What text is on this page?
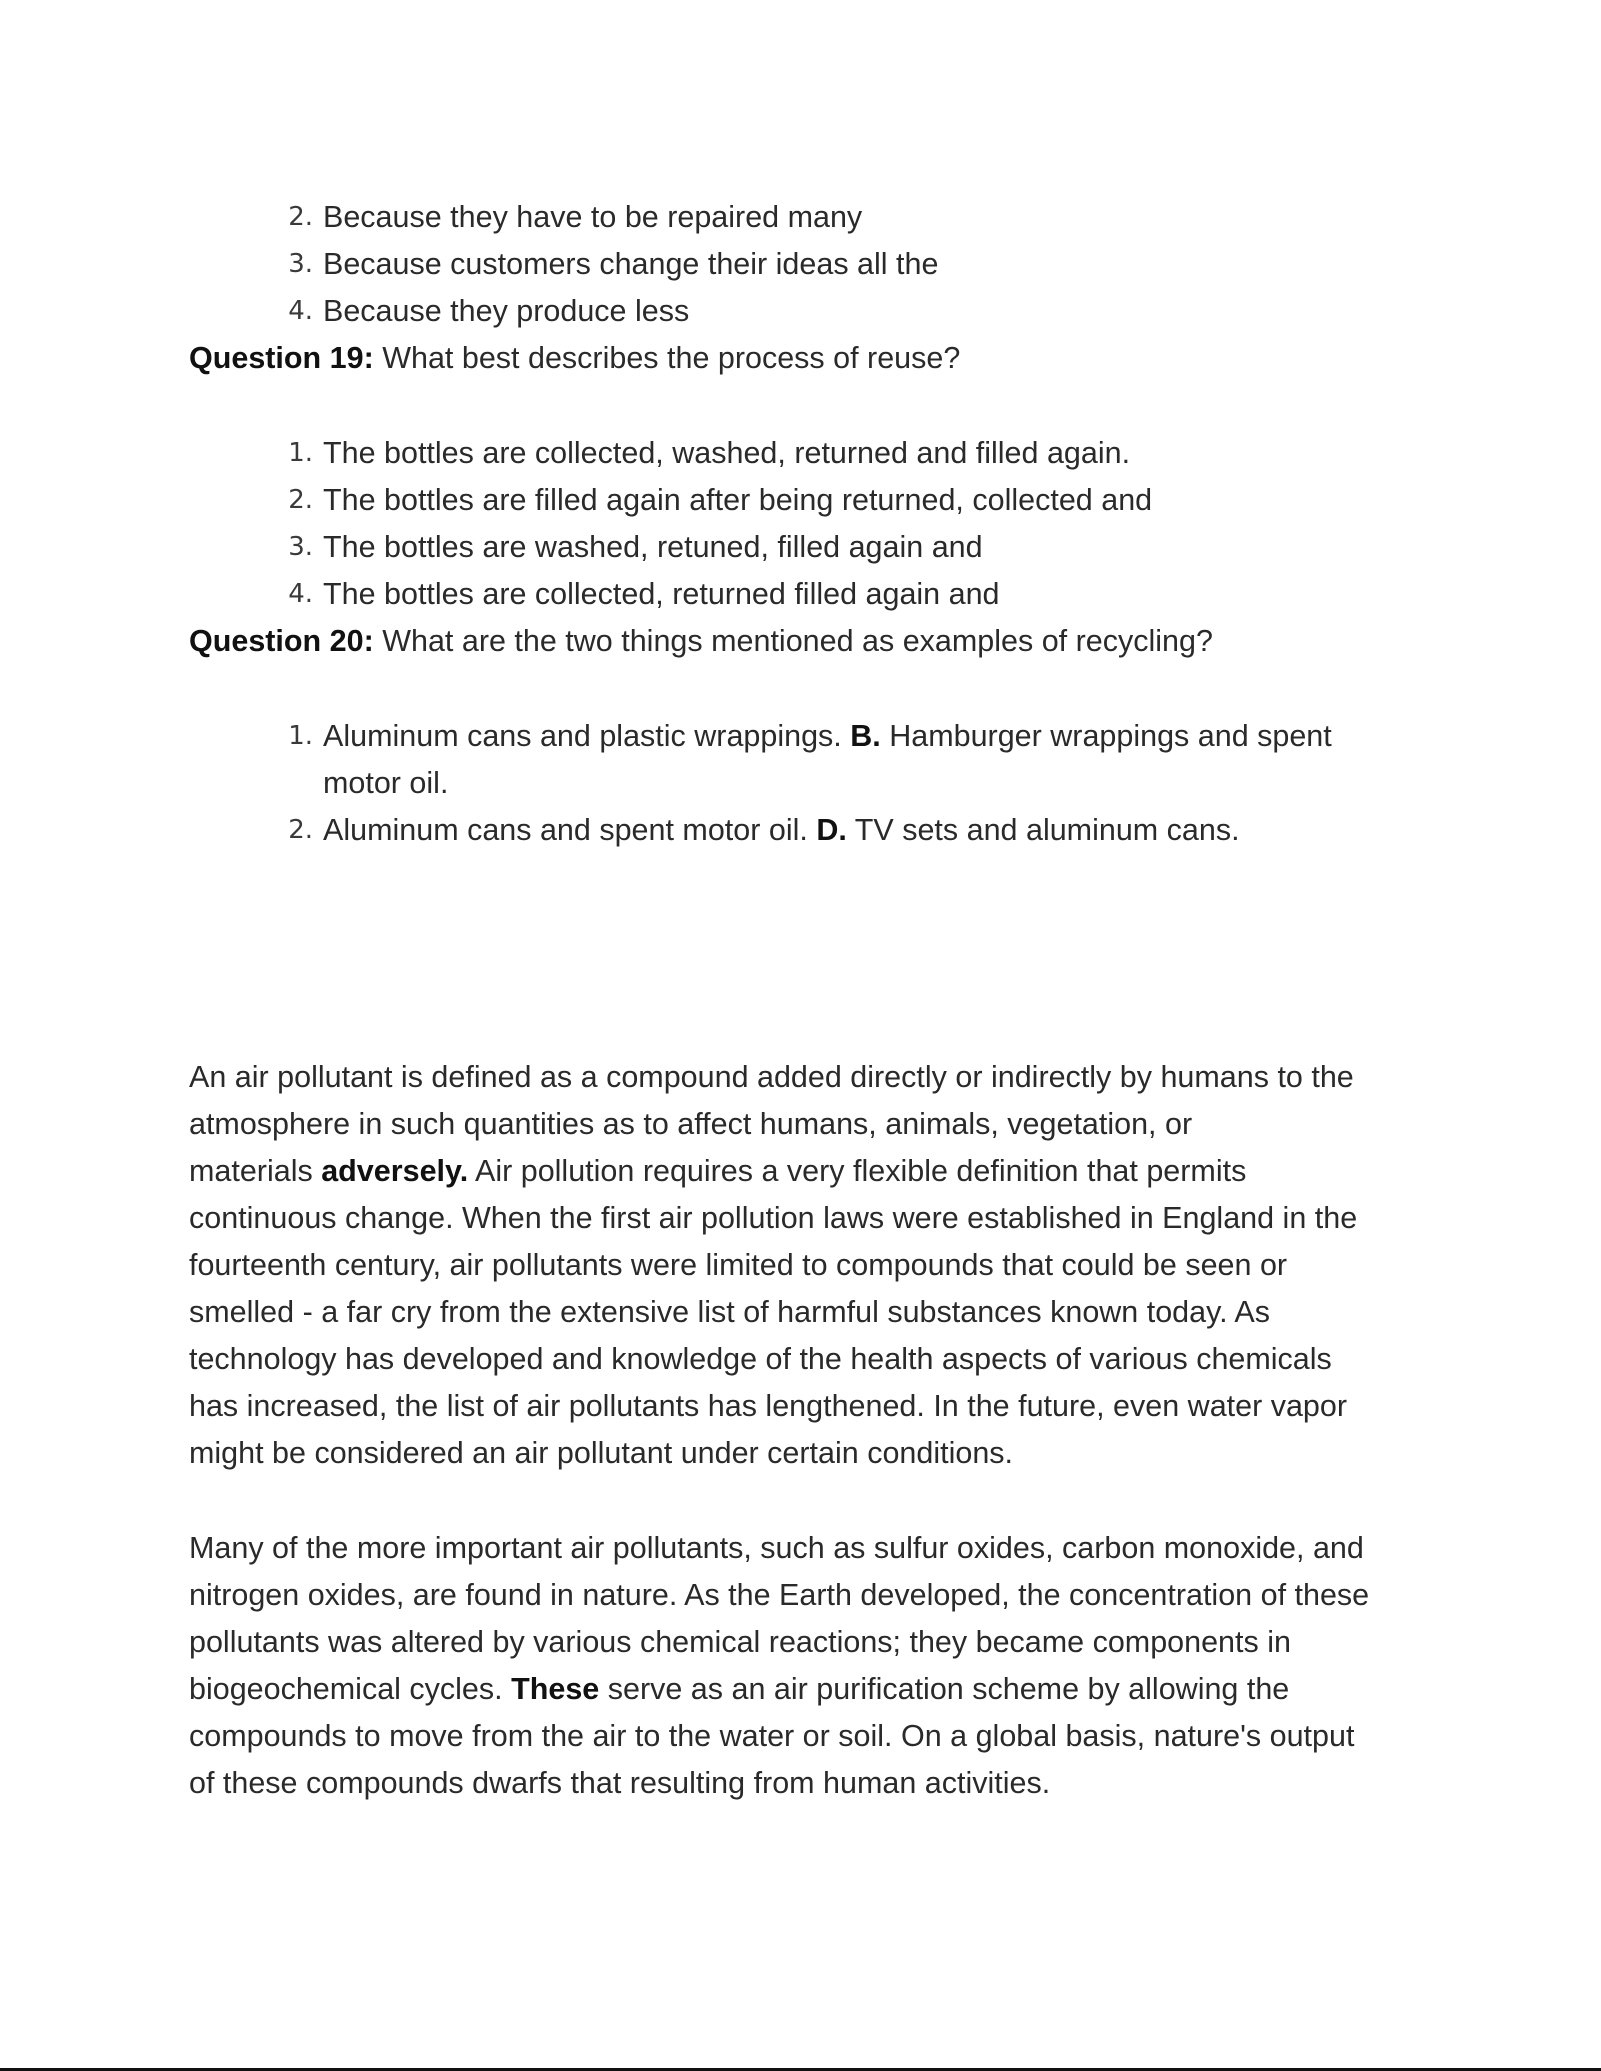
2. Because they have to be repaired many
3. Because customers change their ideas all the
4. Because they produce less
Question 19: What best describes the process of reuse?
1. The bottles are collected, washed, returned and filled again.
2. The bottles are filled again after being returned, collected and
3. The bottles are washed, retuned, filled again and
4. The bottles are collected, returned filled again and
Question 20: What are the two things mentioned as examples of recycling?
1. Aluminum cans and plastic wrappings. B. Hamburger wrappings and spent
motor oil.
2. Aluminum cans and spent motor oil. D. TV sets and aluminum cans.
An air pollutant is defined as a compound added directly or indirectly by humans to the
atmosphere in such quantities as to affect humans, animals, vegetation, or
materials adversely. Air pollution requires a very flexible definition that permits
continuous change. When the first air pollution laws were established in England in the
fourteenth century, air pollutants were limited to compounds that could be seen or
smelled - a far cry from the extensive list of harmful substances known today. As
technology has developed and knowledge of the health aspects of various chemicals
has increased, the list of air pollutants has lengthened. In the future, even water vapor
might be considered an air pollutant under certain conditions.
Many of the more important air pollutants, such as sulfur oxides, carbon monoxide, and
nitrogen oxides, are found in nature. As the Earth developed, the concentration of these
pollutants was altered by various chemical reactions; they became components in
biogeochemical cycles. These serve as an air purification scheme by allowing the
compounds to move from the air to the water or soil. On a global basis, nature's output
of these compounds dwarfs that resulting from human activities.
